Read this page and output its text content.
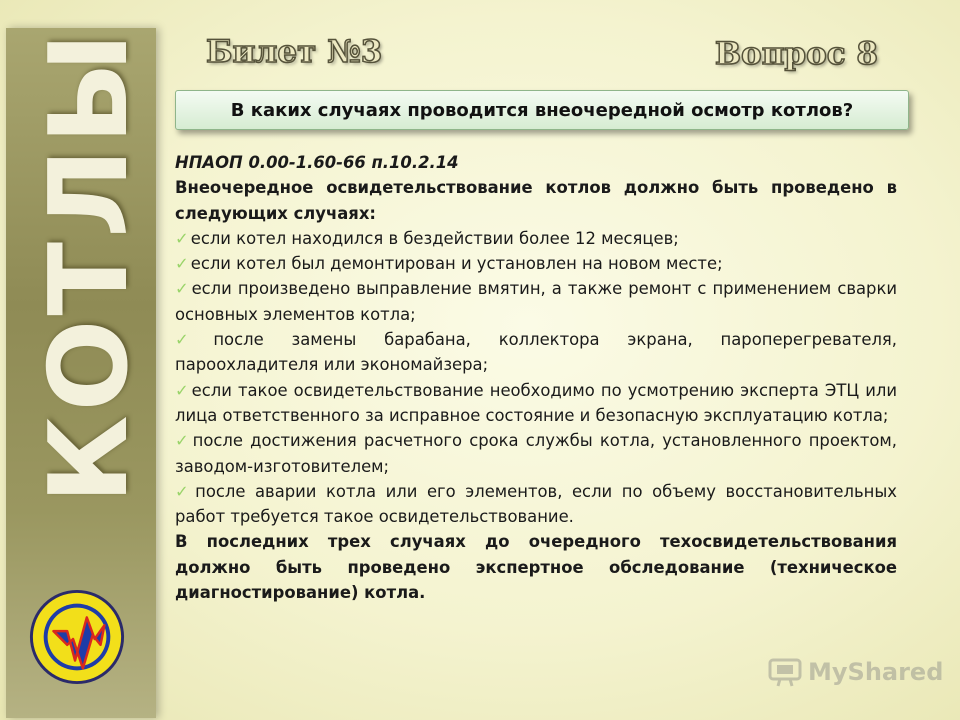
КОТЛЫ Билет №3	Вопрос 8
В каких случаях проводится внеочередной осмотр котлов?

НПАОП 0.00-1.60-66 п.10.2.14

Внеочередное освидетельствование котлов должно быть проведено в следующих случаях:

✓ если котел находился в бездействии более 12 месяцев;

✓ если котел был демонтирован и установлен на новом месте;

✓ если произведено выправление вмятин, а также ремонт с применением сварки основных элементов котла;

✓ после замены барабана, коллектора экрана, пароперегревателя, пароохладителя или экономайзера;

✓ если такое освидетельствование необходимо по усмотрению эксперта ЭТЦ или лица ответственного за исправное состояние и безопасную эксплуатацию котла;

✓ после достижения расчетного срока службы котла, установленного проектом, заводом-изготовителем;

✓ после аварии котла или его элементов, если по объему восстановительных работ требуется такое освидетельствование.

В последних трех случаях до очередного техосвидетельствования должно быть проведено экспертное обследование (техническое диагностирование) котла.

MyShared
